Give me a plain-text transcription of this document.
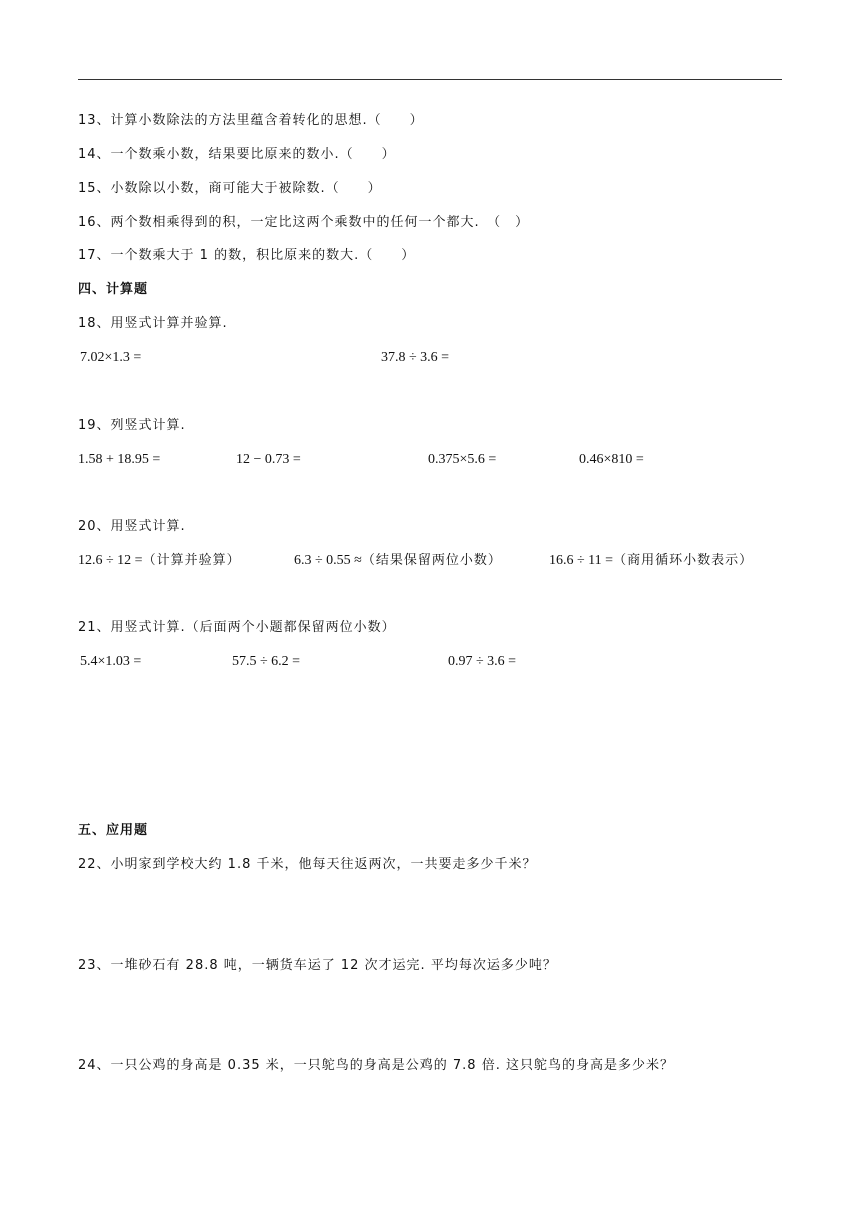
13、计算小数除法的方法里蕴含着转化的思想.（　　）
14、一个数乘小数，结果要比原来的数小.（　　）
15、小数除以小数，商可能大于被除数.（　　）
16、两个数相乘得到的积，一定比这两个乘数中的任何一个都大.　（　）
17、一个数乘大于 1 的数，积比原来的数大.（　　）
四、计算题
18、用竖式计算并验算.
7.02×1.3 =	37.8 ÷ 3.6 =
19、列竖式计算.
1.58 + 18.95 =	12 − 0.73 =	0.375×5.6 =	0.46×810 =
20、用竖式计算.
12.6 ÷ 12 =（计算并验算）	6.3 ÷ 0.55 ≈（结果保留两位小数）	16.6 ÷ 11 =（商用循环小数表示）
21、用竖式计算.（后面两个小题都保留两位小数）
5.4×1.03 =	57.5 ÷ 6.2 =	0.97 ÷ 3.6 =
五、应用题
22、小明家到学校大约 1.8 千米，他每天往返两次，一共要走多少千米？
23、一堆砂石有 28.8 吨，一辆货车运了 12 次才运完. 平均每次运多少吨？
24、一只公鸡的身高是 0.35 米，一只鸵鸟的身高是公鸡的 7.8 倍. 这只鸵鸟的身高是多少米？
